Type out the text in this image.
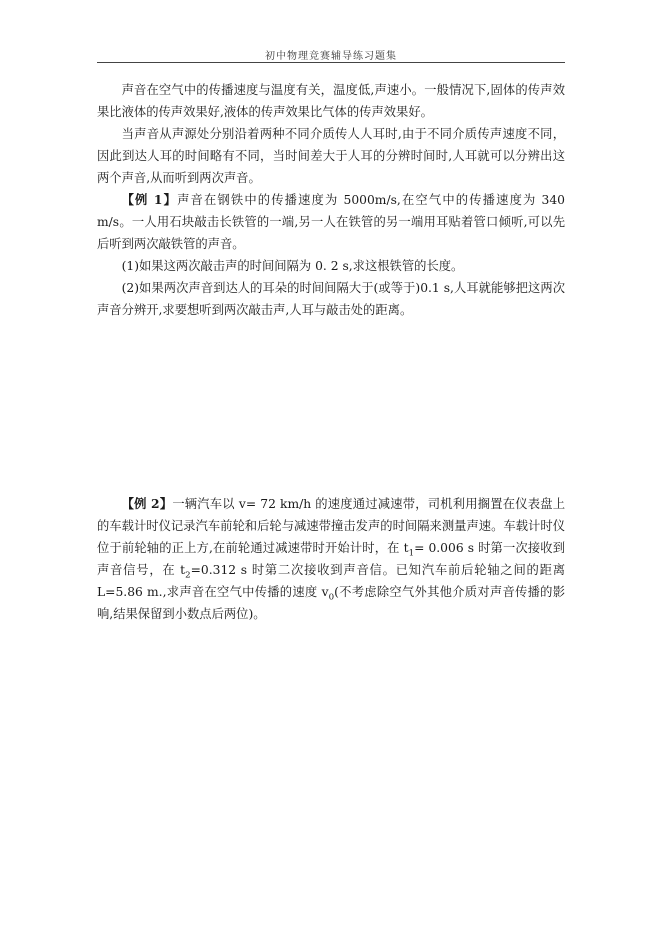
初中物理竞赛辅导练习题集

声音在空气中的传播速度与温度有关，温度低,声速小。一般情况下,固体的传声效果比液体的传声效果好,液体的传声效果比气体的传声效果好。

当声音从声源处分别沿着两种不同介质传人人耳时,由于不同介质传声速度不同，因此到达人耳的时间略有不同，当时间差大于人耳的分辨时间时,人耳就可以分辨出这两个声音,从而听到两次声音。

【例 1】声音在钢铁中的传播速度为 5000m/s,在空气中的传播速度为 340 m/s。一人用石块敲击长铁管的一端,另一人在铁管的另一端用耳贴着管口倾听,可以先后听到两次敲铁管的声音。

(1)如果这两次敲击声的时间间隔为 0. 2 s,求这根铁管的长度。

(2)如果两次声音到达人的耳朵的时间间隔大于(或等于)0.1 s,人耳就能够把这两次声音分辨开,求要想听到两次敲击声,人耳与敲击处的距离。

【例 2】一辆汽车以 v= 72 km/h 的速度通过减速带，司机利用搁置在仪表盘上的车载计时仪记录汽车前轮和后轮与减速带撞击发声的时间隔来测量声速。车载计时仪位于前轮轴的正上方,在前轮通过减速带时开始计时，在 $t_1= 0.006$ s 时第一次接收到声音信号，在 $t_2=0.312$ s 时第二次接收到声音信。已知汽车前后轮轴之间的距离 L=5.86 m.,求声音在空气中传播的速度 $v_0$(不考虑除空气外其他介质对声音传播的影响,结果保留到小数点后两位)。
